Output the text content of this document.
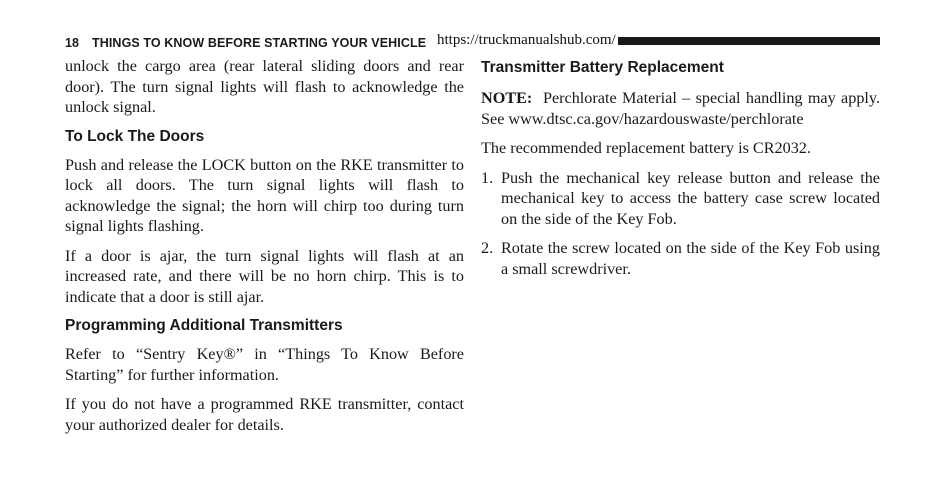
18 THINGS TO KNOW BEFORE STARTING YOUR VEHICLE https://truckmanualshub.com/

unlock the cargo area (rear lateral sliding doors and rear door). The turn signal lights will flash to acknowledge the unlock signal.

To Lock The Doors

Push and release the LOCK button on the RKE transmitter to lock all doors. The turn signal lights will flash to acknowledge the signal; the horn will chirp too during turn signal lights flashing.

If a door is ajar, the turn signal lights will flash at an increased rate, and there will be no horn chirp. This is to indicate that a door is still ajar.

Programming Additional Transmitters

Refer to “Sentry Key®” in “Things To Know Before Starting” for further information.

If you do not have a programmed RKE transmitter, contact your authorized dealer for details.

Transmitter Battery Replacement

NOTE: Perchlorate Material – special handling may apply. See www.dtsc.ca.gov/hazardouswaste/perchlorate

The recommended replacement battery is CR2032.

1. Push the mechanical key release button and release the mechanical key to access the battery case screw located on the side of the Key Fob.
2. Rotate the screw located on the side of the Key Fob using a small screwdriver.
